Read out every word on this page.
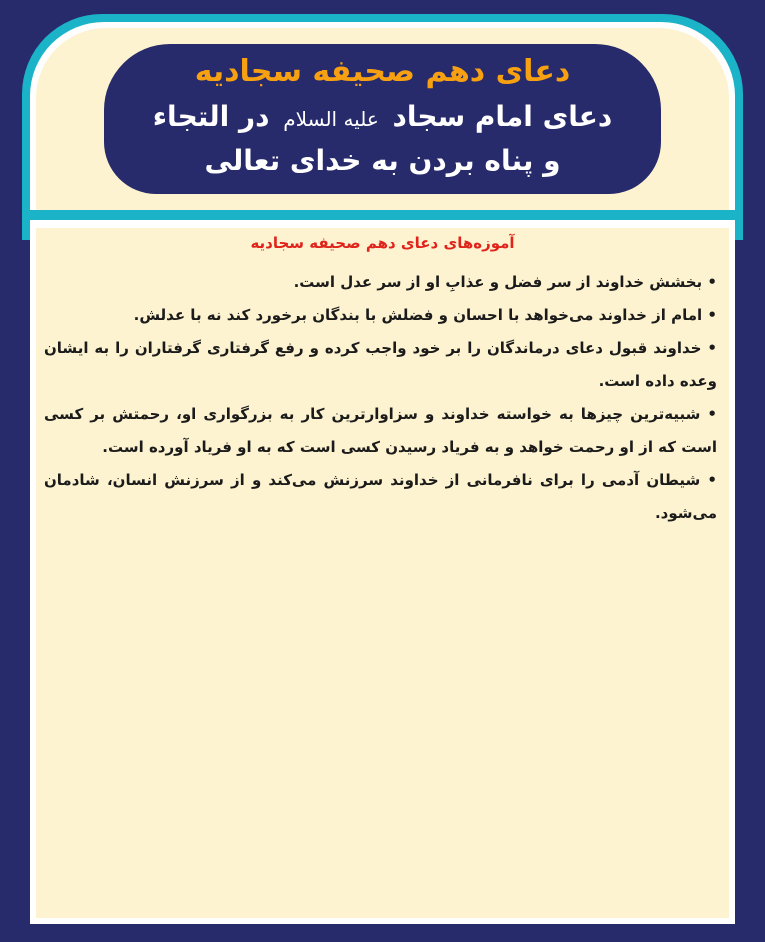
دعای دهم صحیفه سجادیه
دعای امام سجاد عليه السلام در التجاء
و پناه بردن به خدای تعالی
آموزه‌های دعای دهم صحیفه سجادیه
• بخشش خداوند از سر فضل و عذابِ او از سر عدل است.
• امام از خداوند می‌خواهد با احسان و فضلش با بندگان برخورد کند نه با عدلش.
• خداوند قبول دعای درماندگان را بر خود واجب کرده و رفع گرفتاری گرفتاران را به ایشان وعده داده است.
• شبیه‌ترین چیزها به خواسته خداوند و سزاوارترین کار به بزرگواری او، رحمتش بر کسی است که از او رحمت خواهد و به فریاد رسیدن کسی است که به او فریاد آورده است.
• شیطان آدمی را برای نافرمانی از خداوند سرزنش می‌کند و از سرزنش انسان، شادمان می‌شود.
